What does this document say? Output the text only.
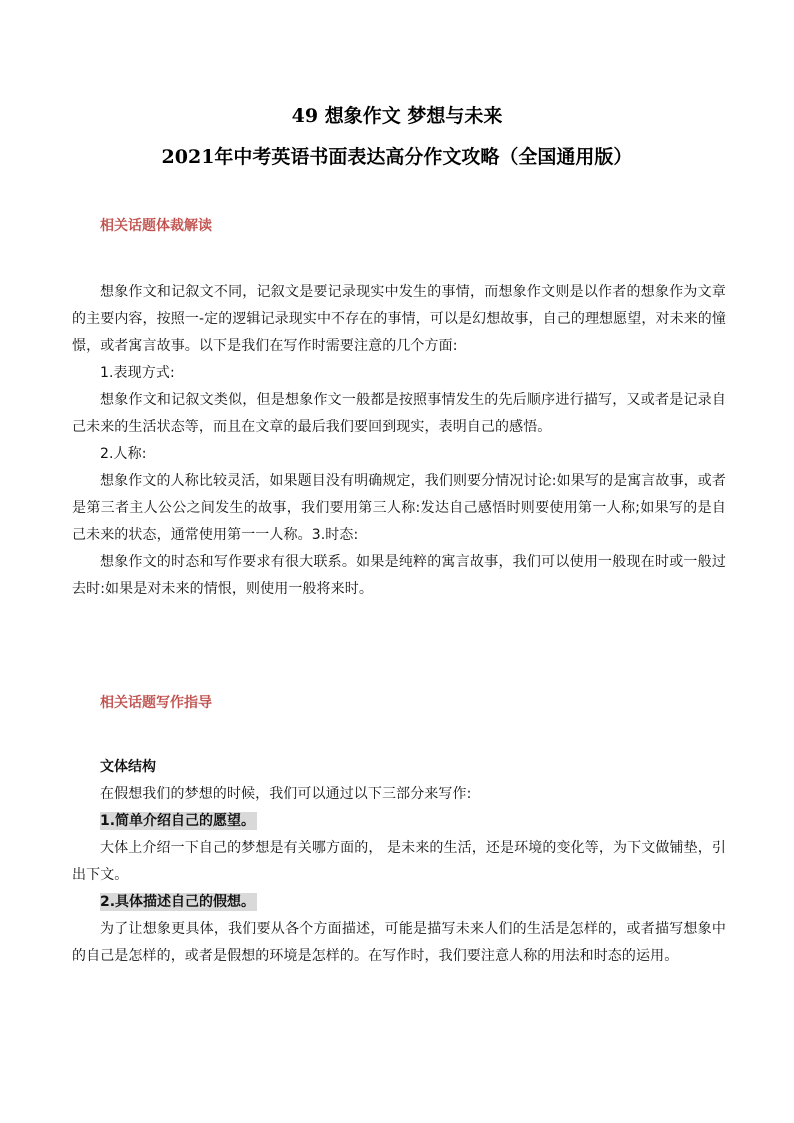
49 想象作文 梦想与未来
2021年中考英语书面表达高分作文攻略（全国通用版）
相关话题体裁解读

想象作文和记叙文不同，记叙文是要记录现实中发生的事情，而想象作文则是以作者的想象作为文章的主要内容，按照一-定的逻辑记录现实中不存在的事情，可以是幻想故事，自己的理想愿望，对未来的憧憬，或者寓言故事。以下是我们在写作时需要注意的几个方面:

1.表现方式:

想象作文和记叙文类似，但是想象作文一般都是按照事情发生的先后顺序进行描写，又或者是记录自己未来的生活状态等，而且在文章的最后我们要回到现实，表明自己的感悟。

2.人称:

想象作文的人称比较灵活，如果题目没有明确规定，我们则要分情况讨论:如果写的是寓言故事，或者是第三者主人公公之间发生的故事，我们要用第三人称:发达自己感悟时则要使用第一人称;如果写的是自己未来的状态，通常使用第一一人称。3.时态:

想象作文的时态和写作要求有很大联系。如果是纯粹的寓言故事，我们可以使用一般现在时或一般过去时:如果是对未来的情恨，则使用一般将来时。

相关话题写作指导

文体结构

在假想我们的梦想的时候，我们可以通过以下三部分来写作:

1.简单介绍自己的愿望。

大体上介绍一下自己的梦想是有关哪方面的， 是未来的生活，还是环境的变化等，为下文做铺垫，引出下文。

2.具体描述自己的假想。

为了让想象更具体，我们要从各个方面描述，可能是描写未来人们的生活是怎样的，或者描写想象中的自己是怎样的，或者是假想的环境是怎样的。在写作时，我们要注意人称的用法和时态的运用。
